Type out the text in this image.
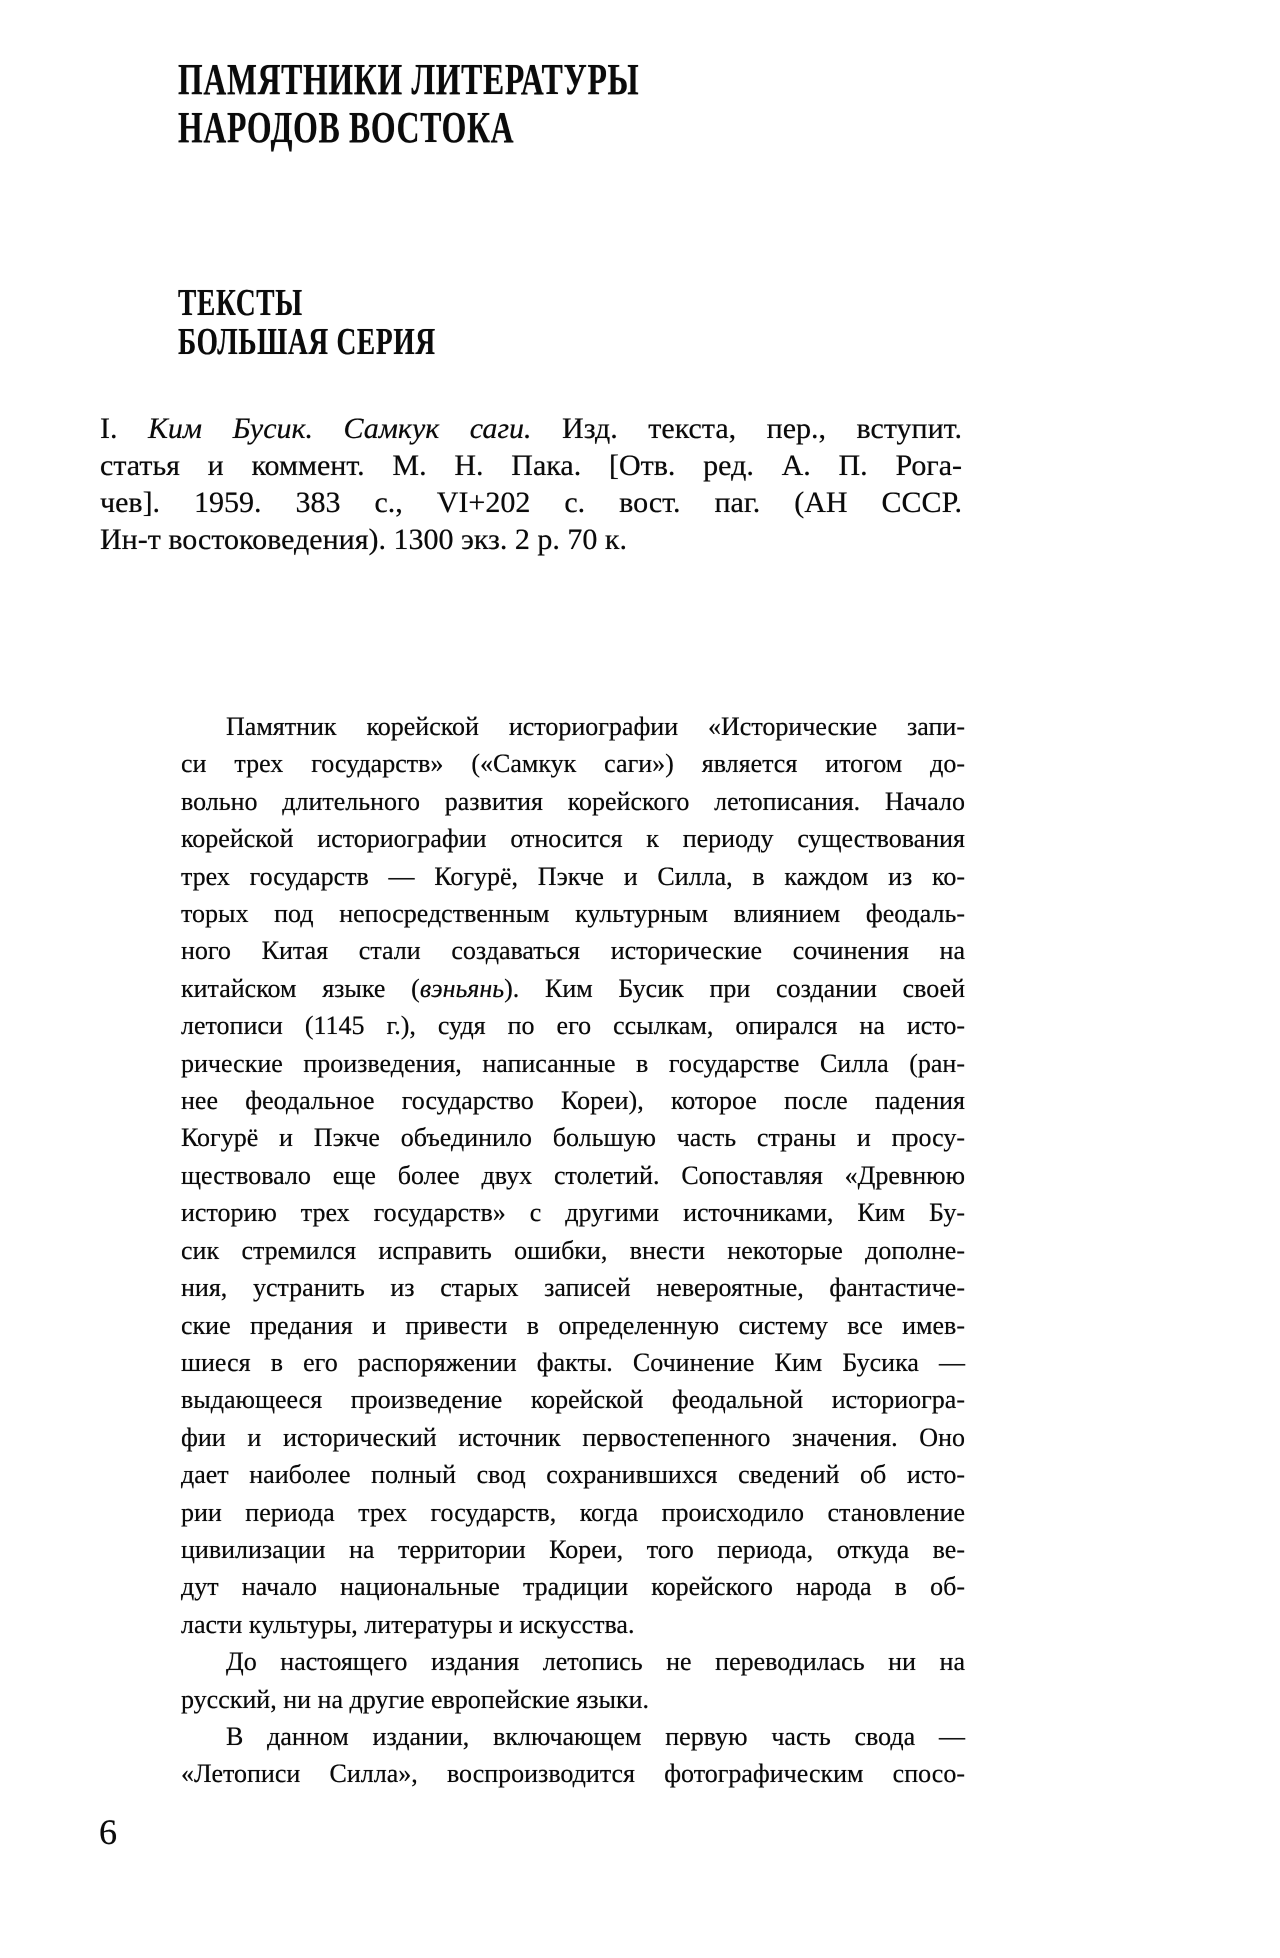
ПАМЯТНИКИ ЛИТЕРАТУРЫ
НАРОДОВ ВОСТОКА
ТЕКСТЫ
БОЛЬШАЯ СЕРИЯ
I. Ким Бусик. Самкук саги. Изд. текста, пер., вступит.
статья и коммент. М. Н. Пака. [Отв. ред. А. П. Рога-
чев]. 1959. 383 с., VI+202 с. вост. паг. (АН СССР.
Ин-т востоковедения). 1300 экз. 2 р. 70 к.
Памятник корейской историографии «Исторические запи-
си трех государств» («Самкук саги») является итогом до-
вольно длительного развития корейского летописания. Начало
корейской историографии относится к периоду существования
трех государств — Когурё, Пэкче и Силла, в каждом из ко-
торых под непосредственным культурным влиянием феодаль-
ного Китая стали создаваться исторические сочинения на
китайском языке (вэньянь). Ким Бусик при создании своей
летописи (1145 г.), судя по его ссылкам, опирался на исто-
рические произведения, написанные в государстве Силла (ран-
нее феодальное государство Кореи), которое после падения
Когурё и Пэкче объединило большую часть страны и просу-
ществовало еще более двух столетий. Сопоставляя «Древнюю
историю трех государств» с другими источниками, Ким Бу-
сик стремился исправить ошибки, внести некоторые дополне-
ния, устранить из старых записей невероятные, фантастиче-
ские предания и привести в определенную систему все имев-
шиеся в его распоряжении факты. Сочинение Ким Бусика —
выдающееся произведение корейской феодальной историогра-
фии и исторический источник первостепенного значения. Оно
дает наиболее полный свод сохранившихся сведений об исто-
рии периода трех государств, когда происходило становление
цивилизации на территории Кореи, того периода, откуда ве-
дут начало национальные традиции корейского народа в об-
ласти культуры, литературы и искусства.
До настоящего издания летопись не переводилась ни на
русский, ни на другие европейские языки.
В данном издании, включающем первую часть свода —
«Летописи Силла», воспроизводится фотографическим спосо-
6
